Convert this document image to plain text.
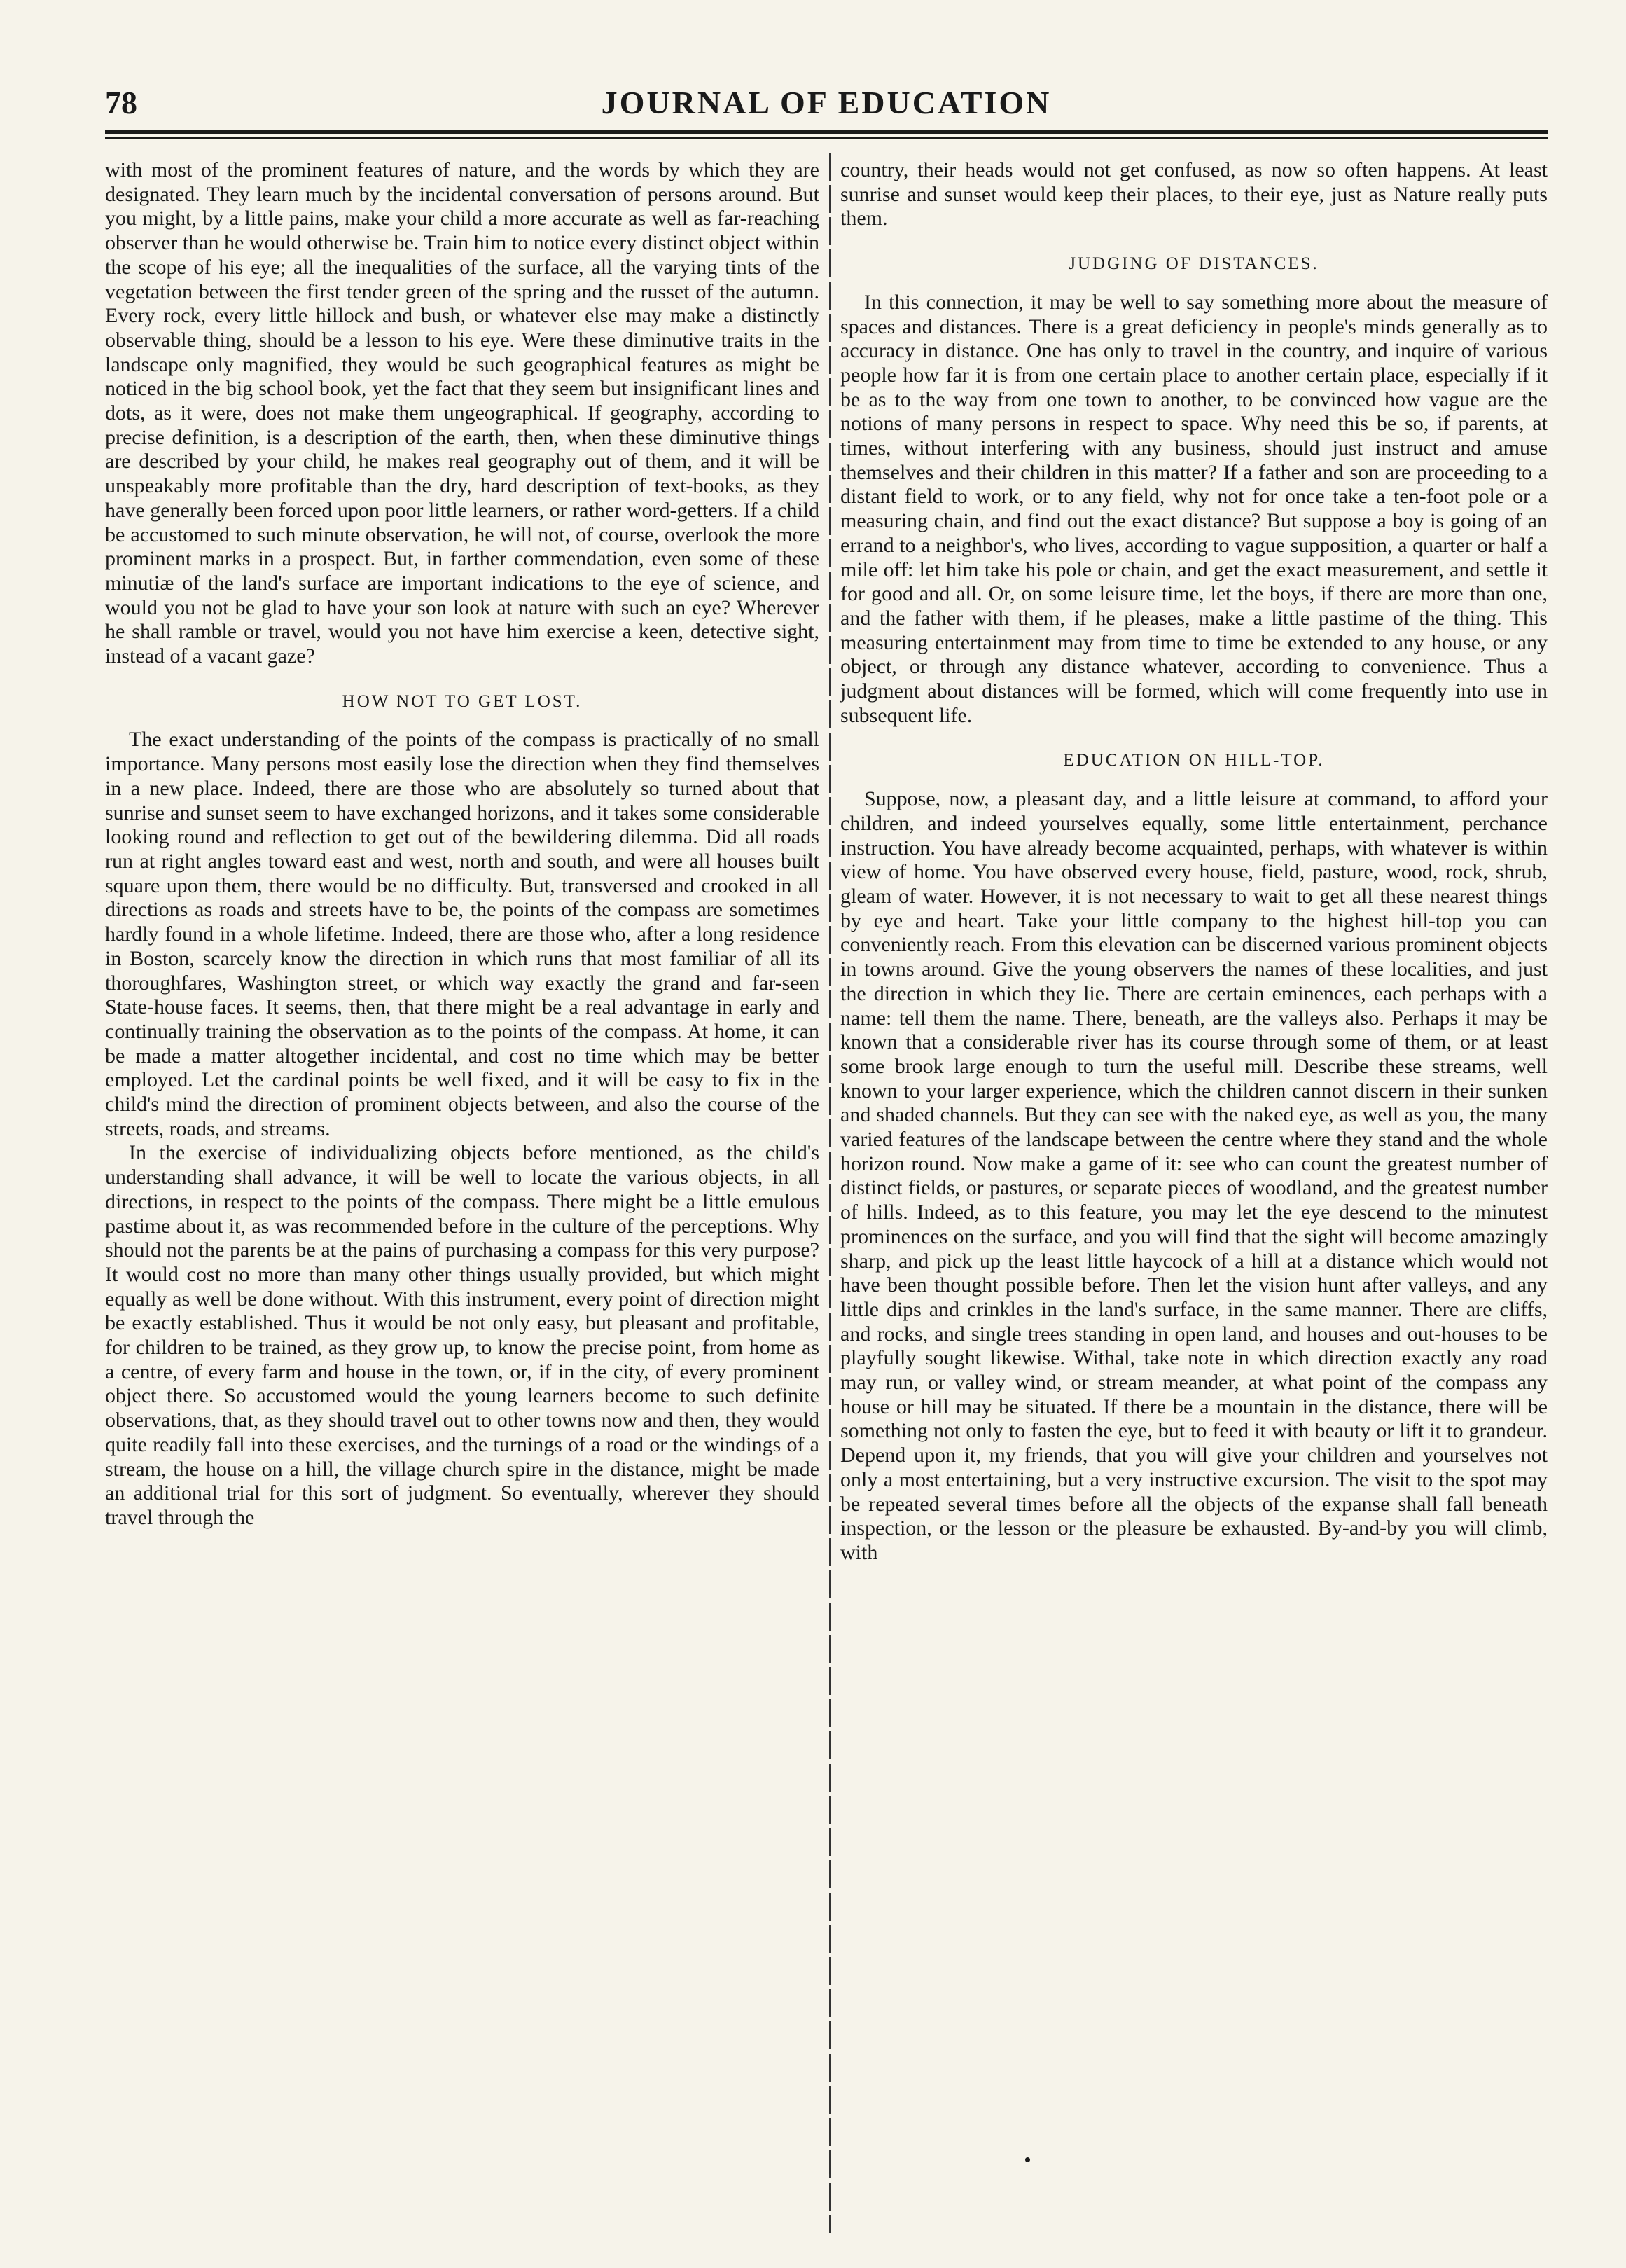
78	JOURNAL OF EDUCATION

with most of the prominent features of nature, and the words by which they are designated. They learn much by the incidental conversation of persons around. But you might, by a little pains, make your child a more accurate as well as far-reaching observer than he would otherwise be. Train him to notice every distinct object within the scope of his eye; all the inequalities of the surface, all the varying tints of the vegetation between the first tender green of the spring and the russet of the autumn. Every rock, every little hillock and bush, or whatever else may make a distinctly observable thing, should be a lesson to his eye. Were these diminutive traits in the landscape only magnified, they would be such geographical features as might be noticed in the big school book, yet the fact that they seem but insignificant lines and dots, as it were, does not make them ungeographical. If geography, according to precise definition, is a description of the earth, then, when these diminutive things are described by your child, he makes real geography out of them, and it will be unspeakably more profitable than the dry, hard description of text-books, as they have generally been forced upon poor little learners, or rather word-getters. If a child be accustomed to such minute observation, he will not, of course, overlook the more prominent marks in a prospect. But, in farther commendation, even some of these minutiæ of the land's surface are important indications to the eye of science, and would you not be glad to have your son look at nature with such an eye? Wherever he shall ramble or travel, would you not have him exercise a keen, detective sight, instead of a vacant gaze?

HOW NOT TO GET LOST.

The exact understanding of the points of the compass is practically of no small importance. Many persons most easily lose the direction when they find themselves in a new place. Indeed, there are those who are absolutely so turned about that sunrise and sunset seem to have exchanged horizons, and it takes some considerable looking round and reflection to get out of the bewildering dilemma. Did all roads run at right angles toward east and west, north and south, and were all houses built square upon them, there would be no difficulty. But, transversed and crooked in all directions as roads and streets have to be, the points of the compass are sometimes hardly found in a whole lifetime. Indeed, there are those who, after a long residence in Boston, scarcely know the direction in which runs that most familiar of all its thoroughfares, Washington street, or which way exactly the grand and far-seen State-house faces. It seems, then, that there might be a real advantage in early and continually training the observation as to the points of the compass. At home, it can be made a matter altogether incidental, and cost no time which may be better employed. Let the cardinal points be well fixed, and it will be easy to fix in the child's mind the direction of prominent objects between, and also the course of the streets, roads, and streams.

In the exercise of individualizing objects before mentioned, as the child's understanding shall advance, it will be well to locate the various objects, in all directions, in respect to the points of the compass. There might be a little emulous pastime about it, as was recommended before in the culture of the perceptions. Why should not the parents be at the pains of purchasing a compass for this very purpose? It would cost no more than many other things usually provided, but which might equally as well be done without. With this instrument, every point of direction might be exactly established. Thus it would be not only easy, but pleasant and profitable, for children to be trained, as they grow up, to know the precise point, from home as a centre, of every farm and house in the town, or, if in the city, of every prominent object there. So accustomed would the young learners become to such definite observations, that, as they should travel out to other towns now and then, they would quite readily fall into these exercises, and the turnings of a road or the windings of a stream, the house on a hill, the village church spire in the distance, might be made an additional trial for this sort of judgment. So eventually, wherever they should travel through the

country, their heads would not get confused, as now so often happens. At least sunrise and sunset would keep their places, to their eye, just as Nature really puts them.

JUDGING OF DISTANCES.

In this connection, it may be well to say something more about the measure of spaces and distances. There is a great deficiency in people's minds generally as to accuracy in distance. One has only to travel in the country, and inquire of various people how far it is from one certain place to another certain place, especially if it be as to the way from one town to another, to be convinced how vague are the notions of many persons in respect to space. Why need this be so, if parents, at times, without interfering with any business, should just instruct and amuse themselves and their children in this matter? If a father and son are proceeding to a distant field to work, or to any field, why not for once take a ten-foot pole or a measuring chain, and find out the exact distance? But suppose a boy is going of an errand to a neighbor's, who lives, according to vague supposition, a quarter or half a mile off: let him take his pole or chain, and get the exact measurement, and settle it for good and all. Or, on some leisure time, let the boys, if there are more than one, and the father with them, if he pleases, make a little pastime of the thing. This measuring entertainment may from time to time be extended to any house, or any object, or through any distance whatever, according to convenience. Thus a judgment about distances will be formed, which will come frequently into use in subsequent life.

EDUCATION ON HILL-TOP.

Suppose, now, a pleasant day, and a little leisure at command, to afford your children, and indeed yourselves equally, some little entertainment, perchance instruction. You have already become acquainted, perhaps, with whatever is within view of home. You have observed every house, field, pasture, wood, rock, shrub, gleam of water. However, it is not necessary to wait to get all these nearest things by eye and heart. Take your little company to the highest hill-top you can conveniently reach. From this elevation can be discerned various prominent objects in towns around. Give the young observers the names of these localities, and just the direction in which they lie. There are certain eminences, each perhaps with a name: tell them the name. There, beneath, are the valleys also. Perhaps it may be known that a considerable river has its course through some of them, or at least some brook large enough to turn the useful mill. Describe these streams, well known to your larger experience, which the children cannot discern in their sunken and shaded channels. But they can see with the naked eye, as well as you, the many varied features of the landscape between the centre where they stand and the whole horizon round. Now make a game of it: see who can count the greatest number of distinct fields, or pastures, or separate pieces of woodland, and the greatest number of hills. Indeed, as to this feature, you may let the eye descend to the minutest prominences on the surface, and you will find that the sight will become amazingly sharp, and pick up the least little haycock of a hill at a distance which would not have been thought possible before. Then let the vision hunt after valleys, and any little dips and crinkles in the land's surface, in the same manner. There are cliffs, and rocks, and single trees standing in open land, and houses and out-houses to be playfully sought likewise. Withal, take note in which direction exactly any road may run, or valley wind, or stream meander, at what point of the compass any house or hill may be situated. If there be a mountain in the distance, there will be something not only to fasten the eye, but to feed it with beauty or lift it to grandeur. Depend upon it, my friends, that you will give your children and yourselves not only a most entertaining, but a very instructive excursion. The visit to the spot may be repeated several times before all the objects of the expanse shall fall beneath inspection, or the lesson or the pleasure be exhausted. By-and-by you will climb, with
